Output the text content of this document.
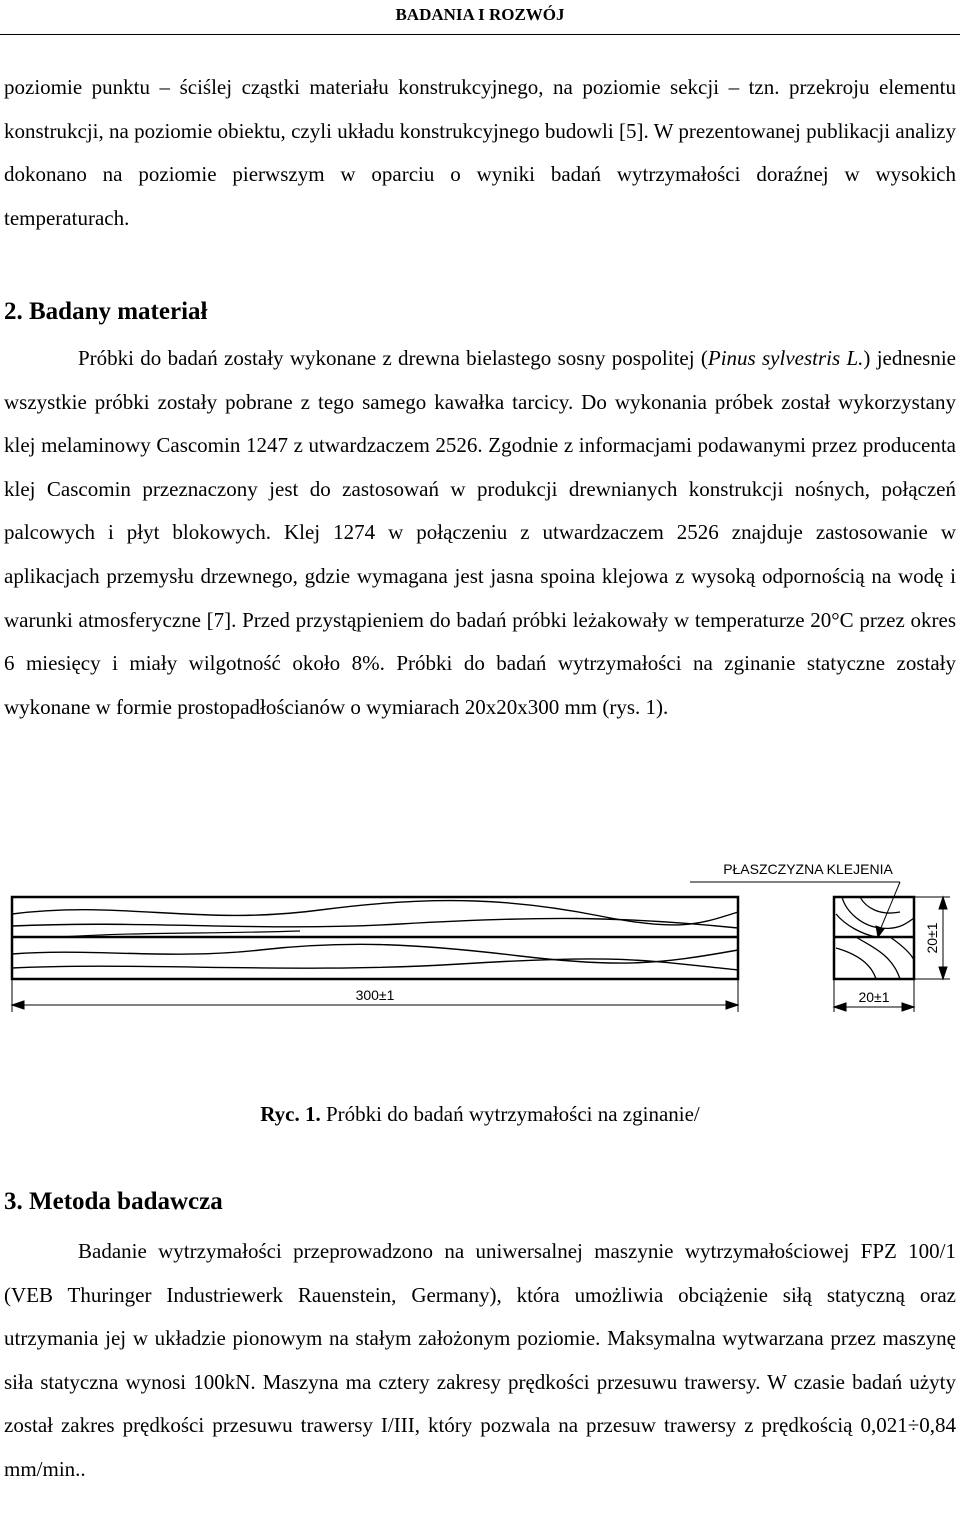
BADANIA I ROZWÓJ

poziomie punktu – ściślej cząstki materiału konstrukcyjnego, na poziomie sekcji – tzn. przekroju elementu konstrukcji, na poziomie obiektu, czyli układu konstrukcyjnego budowli [5]. W prezentowanej publikacji analizy dokonano na poziomie pierwszym w oparciu o wyniki badań wytrzymałości doraźnej w wysokich temperaturach.

2. Badany materiał

Próbki do badań zostały wykonane z drewna bielastego sosny pospolitej (Pinus sylvestris L.) jednesnie wszystkie próbki zostały pobrane z tego samego kawałka tarcicy. Do wykonania próbek został wykorzystany klej melaminowy Cascomin 1247 z utwardzaczem 2526. Zgodnie z informacjami podawanymi przez producenta klej Cascomin przeznaczony jest do zastosowań w produkcji drewnianych konstrukcji nośnych, połączeń palcowych i płyt blokowych. Klej 1274 w połączeniu z utwardzaczem 2526 znajduje zastosowanie w aplikacjach przemysłu drzewnego, gdzie wymagana jest jasna spoina klejowa z wysoką odpornością na wodę i warunki atmosferyczne [7]. Przed przystąpieniem do badań próbki leżakowały w temperaturze 20°C przez okres 6 miesięcy i miały wilgotność około 8%. Próbki do badań wytrzymałości na zginanie statyczne zostały wykonane w formie prostopadłościanów o wymiarach 20x20x300 mm (rys. 1).

300±1
PŁASZCZYZNA KLEJENIA
20±1
20±1
Ryc. 1. Próbki do badań wytrzymałości na zginanie/
3. Metoda badawcza

Badanie wytrzymałości przeprowadzono na uniwersalnej maszynie wytrzymałościowej FPZ 100/1 (VEB Thuringer Industriewerk Rauenstein, Germany), która umożliwia obciążenie siłą statyczną oraz utrzymania jej w układzie pionowym na stałym założonym poziomie. Maksymalna wytwarzana przez maszynę siła statyczna wynosi 100kN. Maszyna ma cztery zakresy prędkości przesuwu trawersy. W czasie badań użyty został zakres prędkości przesuwu trawersy I/III, który pozwala na przesuw trawersy z prędkością 0,021÷0,84 mm/min..
